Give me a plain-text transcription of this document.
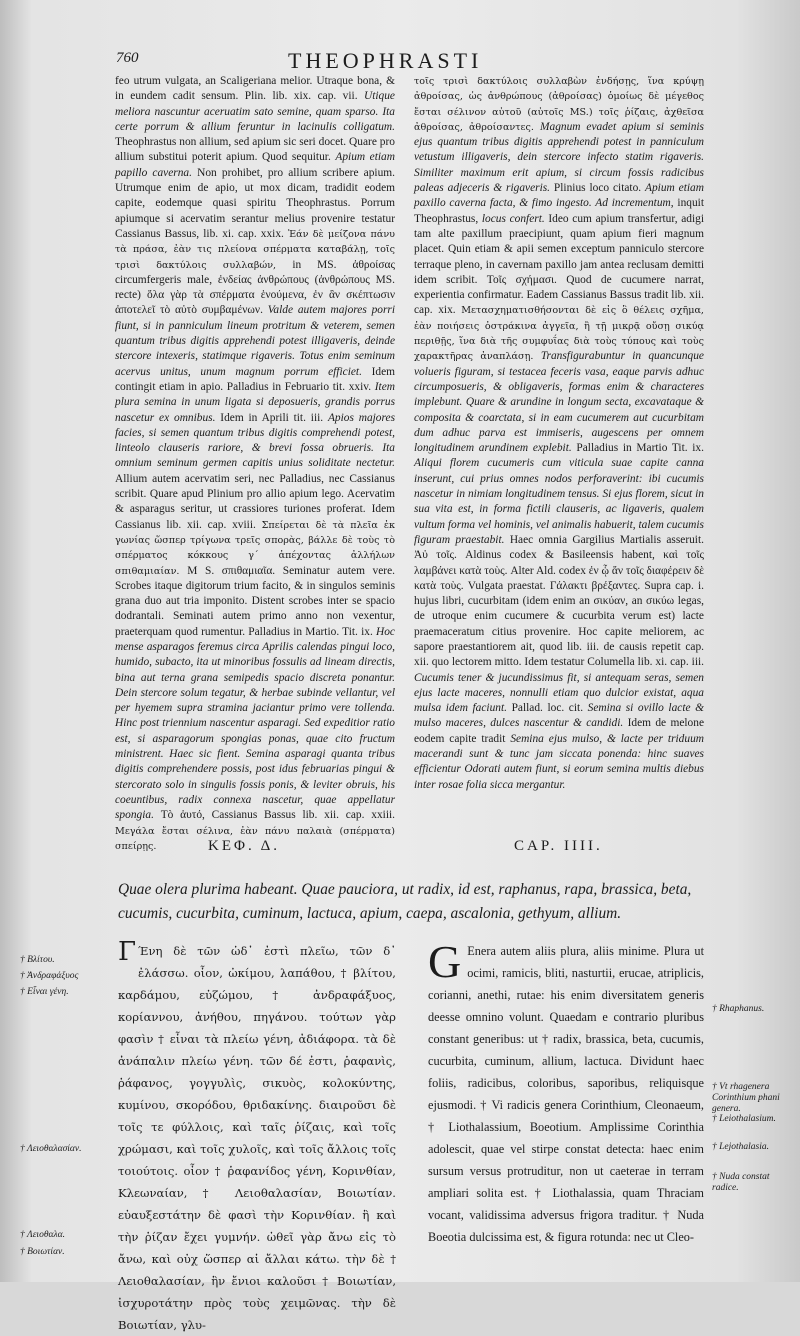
760	THEOPHRASTI

feo utrum vulgata, an Scaligeriana melior. Utraque bona, & in eundem cadit sensum. Plin. lib. xix. cap. vii. Utique meliora nascuntur aceruatim sato semine, quam sparso. Ita certe porrum & allium feruntur in lacinulis colligatum. Theophrastus non allium, sed apium sic seri docet. Quare pro allium substitui poterit apium. Quod sequitur. Apium etiam papillo caverna. Non prohibet, pro allium scribere apium. Utrumque enim de apio, ut mox dicam, tradidit eodem capite, eodemque quasi spiritu Theophrastus. Porrum apiumque si acervatim serantur melius provenire testatur Cassianus Bassus, lib. xi. cap. xxix. Ἐάν δὲ μείζονα πάνυ τὰ πράσα, ἐὰν τις πλείονα σπέρματα καταβάλῃ, τοῖς τρισὶ δακτύλοις συλλαβών, in MS. ἀθροίσας circumfergeris male, ἐνδείας ἀνθρώπους (ἀνθρώπους MS. recte) ὅλα γὰρ τὰ σπέρματα ἑνούμενα, ἐν ἂν σκέπτωσιν ἀποτελεῖ τὸ αὐτὸ συμβαμένων. Valde autem majores porri fiunt, si in panniculum lineum protritum & veterem, semen quantum tribus digitis apprehendi potest illigaveris, deinde stercore intexeris, statimque rigaveris. Totus enim seminum acervus unitus, unum magnum porrum efficiet. Idem contingit etiam in apio. Palladius in Februario tit. xxiv. Item plura semina in unum ligata si deposueris, grandis porrus nascetur ex omnibus. Idem in Aprili tit. iii. Apios majores facies, si semen quantum tribus digitis comprehendi potest, linteolo clauseris rariore, & brevi fossa obrueris. Ita omnium seminum germen capitis unius soliditate nectetur. Allium autem acervatim seri, nec Palladius, nec Cassianus scribit. Quare apud Plinium pro allio apium lego. Acervatim & asparagus seritur, ut crassiores turiones proferat. Idem Cassianus lib. xii. cap. xviii. Σπείρεται δὲ τὰ πλεῖα ἐκ γωνίας ὥσπερ τρίγωνα τρεῖς σπορὰς, βάλλε δὲ τοὺς τὸ σπέρματος κόκκους γ΄ ἀπέχοντας ἀλλήλων σπιθαμιαίαν. M S. σπιθαμιαῖα. Seminatur autem vere. Scrobes itaque digitorum trium facito, & in singulos seminis grana duo aut tria imponito. Distent scrobes inter se spacio dodrantali. Seminati autem primo anno non vexentur, praeterquam quod rumentur. Palladius in Martio. Tit. ix. Hoc mense asparagos feremus circa Aprilis calendas pingui loco, humido, subacto, ita ut minoribus fossulis ad lineam directis, bina aut terna grana semipedis spacio discreta ponantur. Dein stercore solum tegatur, & herbae subinde vellantur, vel per hyemem supra stramina jaciantur primo vere tollenda. Hinc post triennium nascentur asparagi. Sed expeditior ratio est, si asparagorum spongias ponas, quae cito fructum ministrent. Haec sic fient. Semina asparagi quanta tribus digitis comprehendere possis, post idus februarias pingui & stercorato solo in singulis fossis ponis, & leviter obruis, his coeuntibus, radix connexa nascetur, quae appellatur spongia. Tò ἀυτό, Cassianus Bassus lib. xii. cap. xxiii. Μεγάλα ἔσται σέλινα, ἐὰν πάνυ παλαιὰ (σπέρματα) σπείρῃς.

τοῖς τρισὶ δακτύλοις συλλαβὼν ἐνδήσῃς, ἵνα κρύψῃ ἀθροίσας, ὡς ἀνθρώπους (ἀθροίσας) ὁμοίως δὲ μέγεθος ἔσται σέλινον αὐτοῦ (αὐτοῖς MS.) τοῖς ῥίζαις, ἀχθεῖσα ἀθροίσας, ἀθροίσαντες. Magnum evadet apium si seminis ejus quantum tribus digitis apprehendi potest in panniculum vetustum illigaveris, dein stercore infecto statim rigaveris. Similiter maximum erit apium, si circum fossis radicibus paleas adjeceris & rigaveris. Plinius loco citato. Apium etiam paxillo caverna facta, & fimo ingesto. Ad incrementum, inquit Theophrastus, locus confert. Ideo cum apium transfertur, adigi tam alte paxillum praecipiunt, quam apium fieri magnum placet. Quin etiam & apii semen exceptum panniculo stercore terraque pleno, in cavernam paxillo jam antea reclusam demitti idem scribit. Τοῖς σχήμασι. Quod de cucumere narrat, experientia confirmatur. Eadem Cassianus Bassus tradit lib. xii. cap. xix. Μετασχηματισθήσονται δὲ εἰς ὃ θέλεις σχῆμα, ἐὰν ποιήσεις ὀστράκινα ἀγγεῖα, ἢ τῇ μικρᾷ οὔσῃ σικύᾳ περιθῇς, ἵνα διὰ τῆς συμφυΐας διὰ τοὺς τύπους καὶ τοὺς χαρακτῆρας ἀναπλάσῃ. Transfigurabuntur in quancunque volueris figuram, si testacea feceris vasa, eaque parvis adhuc circumposueris, & obligaveris, formas enim & characteres implebunt. Quare & arundine in longum secta, excavataque & composita & coarctata, si in eam cucumerem aut cucurbitam dum adhuc parva est immiseris, augescens per omnem longitudinem arundinem explebit. Palladius in Martio Tit. ix. Aliqui florem cucumeris cum viticula suae capite canna inserunt, cui prius omnes nodos perforaverint: ibi cucumis nascetur in nimiam longitudinem tensus. Si ejus florem, sicut in sua vita est, in forma fictili clauseris, ac ligaveris, qualem vultum forma vel hominis, vel animalis habuerit, talem cucumis figuram praestabit. Haec omnia Gargilius Martialis asseruit. Ἀὐ τοῖς. Aldinus codex & Basileensis habent, καὶ τοῖς λαμβάνει κατὰ τοὺς. Alter Ald. codex ἐν ᾧ ἄν τοῖς διαφέρειν δὲ κατὰ τοὺς. Vulgata praestat. Γάλακτι βρέξαντες. Supra cap. i. hujus libri, cucurbitam (idem enim an σικύαν, an σικύω legas, de utroque enim cucumere & cucurbita verum est) lacte praemaceratum citius provenire. Hoc capite meliorem, ac sapore praestantiorem ait, quod lib. iii. de causis repetit cap. xii. quo lectorem mitto. Idem testatur Columella lib. xi. cap. iii. Cucumis tener & jucundissimus fit, si antequam seras, semen ejus lacte maceres, nonnulli etiam quo dulcior existat, aqua mulsa idem faciunt. Pallad. loc. cit. Semina si ovillo lacte & mulso maceres, dulces nascentur & candidi. Idem de melone eodem capite tradit Semina ejus mulso, & lacte per triduum macerandi sunt & tunc jam siccata ponenda: hinc suaves efficientur Odorati autem fiunt, si eorum semina multis diebus inter rosae folia sicca mergantur.

ΚΕΦ. Δ.	CAP. IIII.
Quae olera plurima habeant. Quae pauciora, ut radix, id est, raphanus, rapa, brassica, beta, cucumis, cucurbita, cuminum, lactuca, apium, caepa, ascalonia, gethyum, allium.
Γ Ένη δὲ τῶν ὠδ᾽ ἐστὶ πλεῖω, τῶν δ᾽ ἐλάσσω. οἷον, ὠκίμου, λαπάθου, † βλίτου, καρδάμου, εὐζώμου, † ἀνδραφάξυος, κορίαννου, ἀνήθου, πηγάνου. τούτων γὰρ φασὶν † εἶναι τὰ πλείω γένη, ἀδιάφορα. τὰ δὲ ἀνάπαλιν πλείω γένη. τῶν δέ ἐστι, ῥαφανὶς, ῥάφανος, γογγυλὶς, σικυὸς, κολοκύντης, κυμίνου, σκορόδου, θριδακίνης. διαιροῦσι δὲ τοῖς τε φύλλοις, καὶ ταῖς ῥίζαις, καὶ τοῖς χρώμασι, καὶ τοῖς χυλοῖς, καὶ τοῖς ἄλλοις τοῖς τοιούτοις. οἷον † ῥαφανίδος γένη, Κορινθίαν, Κλεωναίαν, † Λειοθαλασίαν, Βοιωτίαν. εὐαυξεστάτην δὲ φασὶ τὴν Κορινθίαν. ἣ καὶ τὴν ῥίζαν ἔχει γυμνήν. ὠθεῖ γὰρ ἄνω εἰς τὸ ἄνω, καὶ οὐχ ὥσπερ αἱ ἄλλαι κάτω. τὴν δὲ † Λειοθαλασίαν, ἣν ἔνιοι καλοῦσι † Βοιωτίαν, ἰσχυροτάτην πρὸς τοὺς χειμῶνας. τὴν δὲ Βοιωτίαν, γλυ-
G Enera autem aliis plura, aliis minime. Plura ut ocimi, ramicis, bliti, nasturtii, erucae, atriplicis, corianni, anethi, rutae: his enim diversitatem generis deesse omnino volunt. Quaedam e contrario pluribus constant generibus: ut † radix, brassica, beta, cucumis, cucurbita, cuminum, allium, lactuca. Dividunt haec foliis, radicibus, coloribus, saporibus, reliquisque ejusmodi. † Vi radicis genera Corinthium, Cleonaeum, † Liothalassium, Boeotium. Amplissime Corinthia adolescit, quae vel stirpe constat detecta: haec enim sursum versus protruditur, non ut caeterae in terram ampliari solita est. † Liothalassia, quam Thraciam vocant, validissima adversus frigora traditur. † Nuda Boeotia dulcissima est, & figura rotunda: nec ut Cleo-
† Βλίτου.
† Ἀνδραφάξυος
† Εἶναι γένη.
† Λειοθαλασίαν.
† Λειοθαλα.
† Βοιωτίαν.
† Rhaphanus.
† Vt rhagenera Corinthium phani genera.
† Leiothalasium.
† Lejothalasia.
† Nuda constat radice.
